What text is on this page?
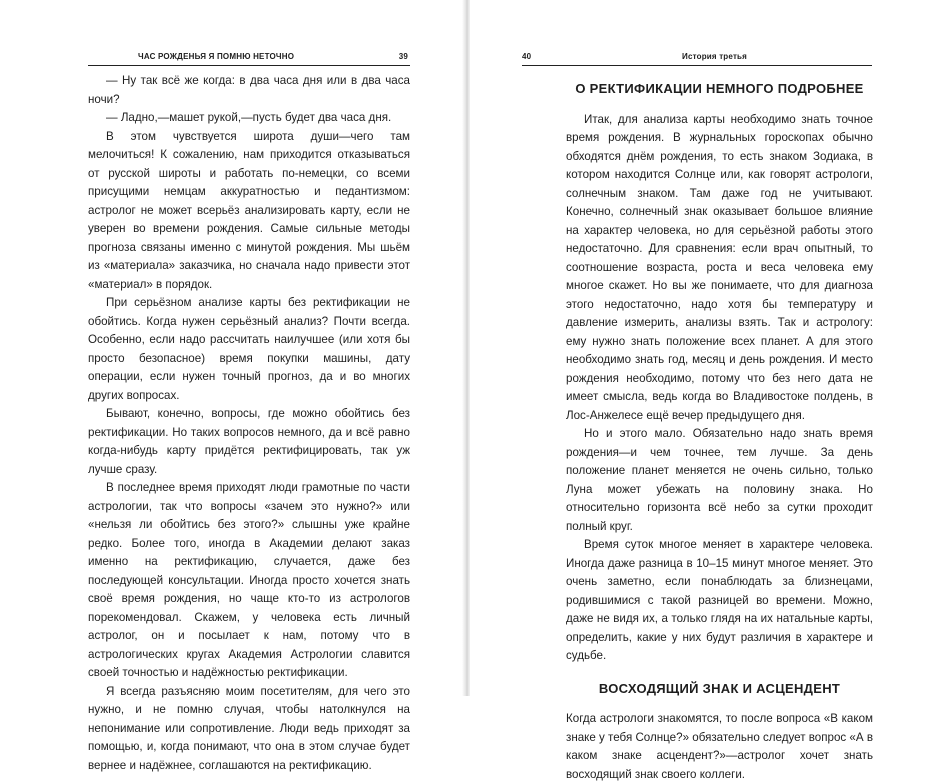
ЧАС РОЖДЕНЬЯ Я ПОМНЮ НЕТОЧНО	39

— Ну так всё же когда: в два часа дня или в два часа ночи?

— Ладно,—машет рукой,—пусть будет два часа дня.

В этом чувствуется широта души—чего там мелочиться! К сожалению, нам приходится отказываться от русской широты и работать по-немецки, со всеми присущими немцам аккуратностью и педантизмом: астролог не может всерьёз анализировать карту, если не уверен во времени рождения. Самые сильные методы прогноза связаны именно с минутой рождения. Мы шьём из «материала» заказчика, но сначала надо привести этот «материал» в порядок.

При серьёзном анализе карты без ректификации не обойтись. Когда нужен серьёзный анализ? Почти всегда. Особенно, если надо рассчитать наилучшее (или хотя бы просто безопасное) время покупки машины, дату операции, если нужен точный прогноз, да и во многих других вопросах.

Бывают, конечно, вопросы, где можно обойтись без ректификации. Но таких вопросов немного, да и всё равно когда-нибудь карту придётся ректифицировать, так уж лучше сразу.

В последнее время приходят люди грамотные по части астрологии, так что вопросы «зачем это нужно?» или «нельзя ли обойтись без этого?» слышны уже крайне редко. Более того, иногда в Академии делают заказ именно на ректификацию, случается, даже без последующей консультации. Иногда просто хочется знать своё время рождения, но чаще кто-то из астрологов порекомендовал. Скажем, у человека есть личный астролог, он и посылает к нам, потому что в астрологических кругах Академия Астрологии славится своей точностью и надёжностью ректификации.

Я всегда разъясняю моим посетителям, для чего это нужно, и не помню случая, чтобы натолкнулся на непонимание или сопротивление. Люди ведь приходят за помощью, и, когда понимают, что она в этом случае будет вернее и надёжнее, соглашаются на ректификацию.

40	История третья
О РЕКТИФИКАЦИИ НЕМНОГО ПОДРОБНЕЕ

Итак, для анализа карты необходимо знать точное время рождения. В журнальных гороскопах обычно обходятся днём рождения, то есть знаком Зодиака, в котором находится Солнце или, как говорят астрологи, солнечным знаком. Там даже год не учитывают. Конечно, солнечный знак оказывает большое влияние на характер человека, но для серьёзной работы этого недостаточно. Для сравнения: если врач опытный, то соотношение возраста, роста и веса человека ему многое скажет. Но вы же понимаете, что для диагноза этого недостаточно, надо хотя бы температуру и давление измерить, анализы взять. Так и астрологу: ему нужно знать положение всех планет. А для этого необходимо знать год, месяц и день рождения. И место рождения необходимо, потому что без него дата не имеет смысла, ведь когда во Владивостоке полдень, в Лос-Анжелесе ещё вечер предыдущего дня.

Но и этого мало. Обязательно надо знать время рождения—и чем точнее, тем лучше. За день положение планет меняется не очень сильно, только Луна может убежать на половину знака. Но относительно горизонта всё небо за сутки проходит полный круг.

Время суток многое меняет в характере человека. Иногда даже разница в 10–15 минут многое меняет. Это очень заметно, если понаблюдать за близнецами, родившимися с такой разницей во времени. Можно, даже не видя их, а только глядя на их натальные карты, определить, какие у них будут различия в характере и судьбе.

ВОСХОДЯЩИЙ ЗНАК И АСЦЕНДЕНТ

Когда астрологи знакомятся, то после вопроса «В каком знаке у тебя Солнце?» обязательно следует вопрос «А в каком знаке асцендент?»—астролог хочет знать восходящий знак своего коллеги.
